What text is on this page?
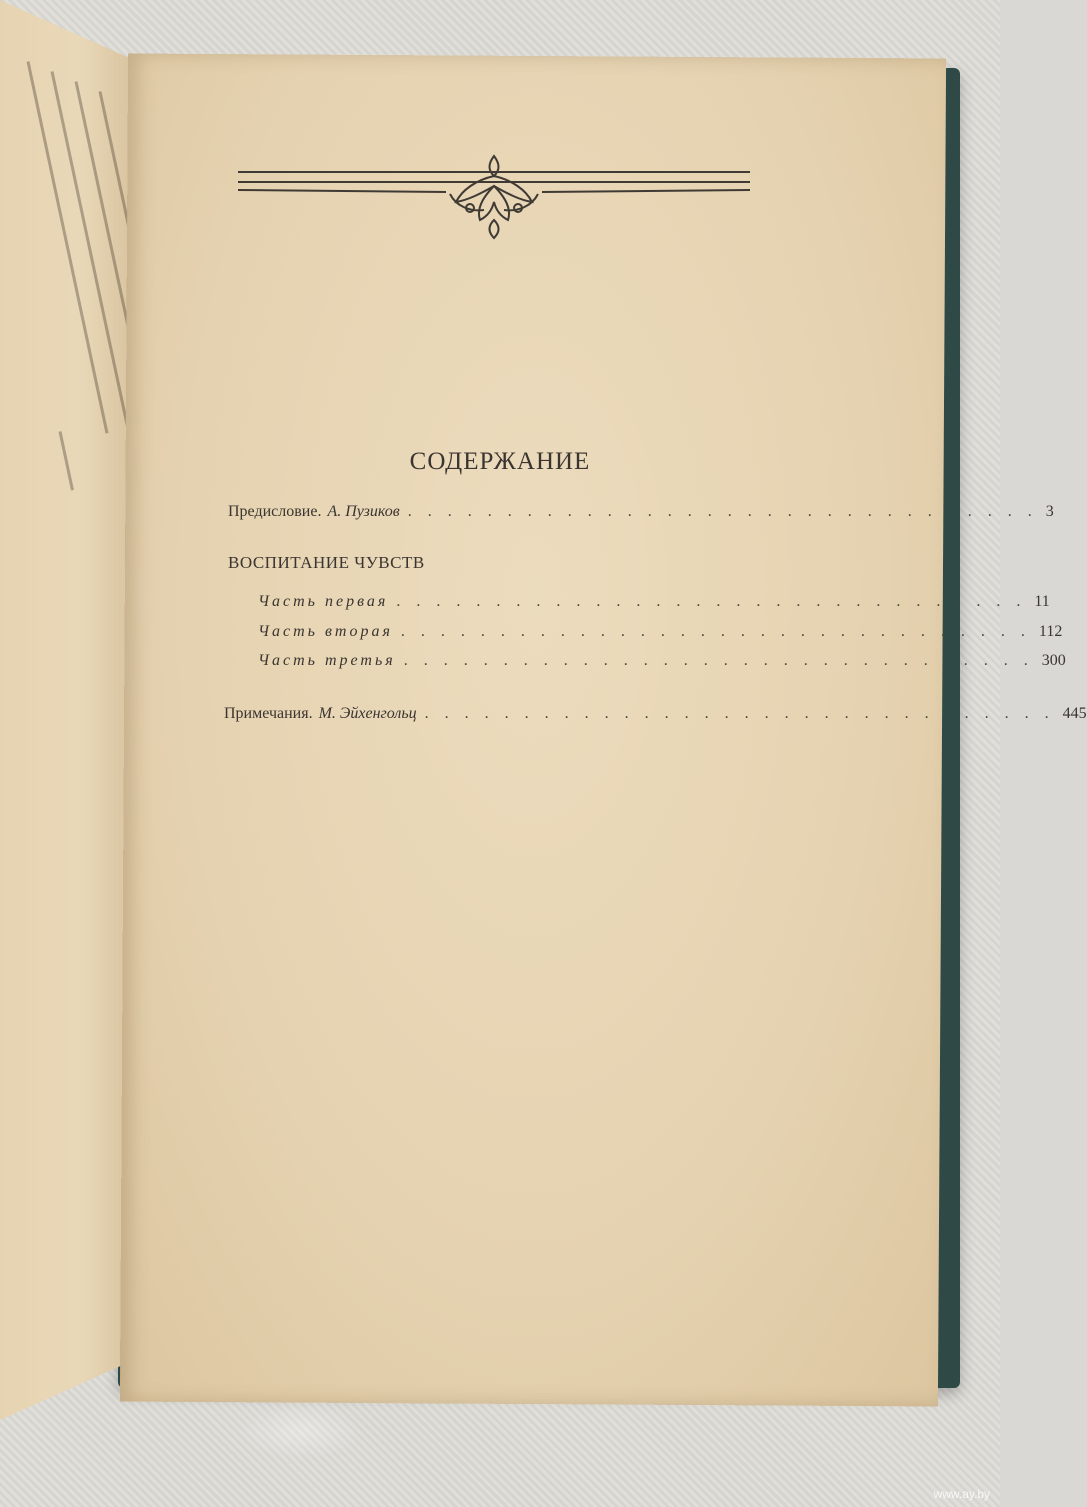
СОДЕРЖАНИЕ
Предисловие. А. Пузиков . . . . . . . . . . . . . . . . . . . . . . . . . . . . . . . . 3
ВОСПИТАНИЕ ЧУВСТВ
Часть первая . . . . . . . . . . . . . . . . . . . . . . . . . . . . . . . . 11
Часть вторая . . . . . . . . . . . . . . . . . . . . . . . . . . . . . . . . 112
Часть третья . . . . . . . . . . . . . . . . . . . . . . . . . . . . . . . . 300
Примечания. М. Эйхенгольц . . . . . . . . . . . . . . . . . . . . . . . . . . . . . . . . 445
www.ay.by
